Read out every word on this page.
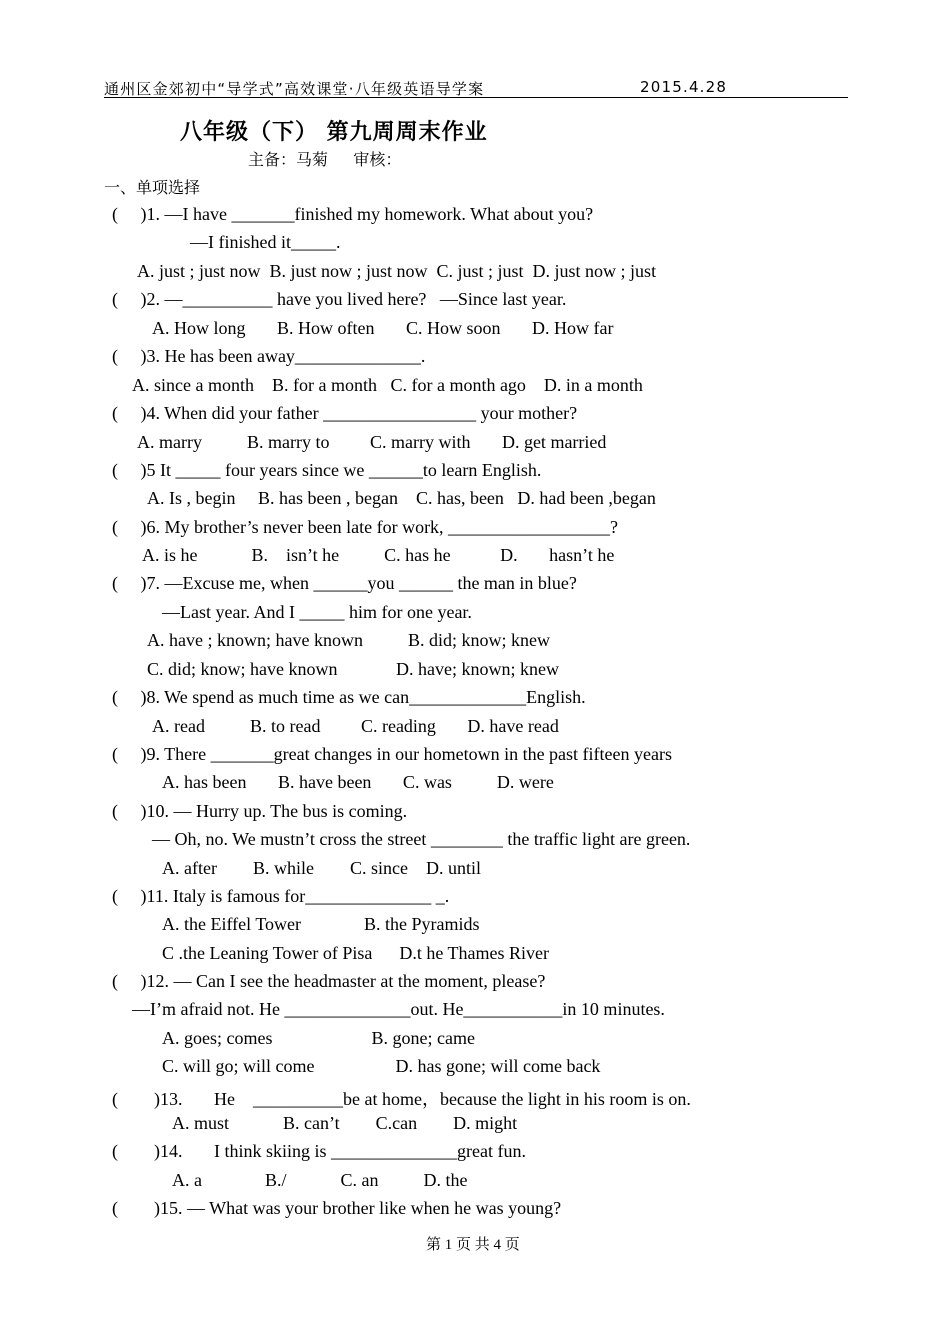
通州区金郊初中“导学式”高效课堂·八年级英语导学案	2015.4.28
八年级（下） 第九周周末作业
主备：马菊     审核：
一、单项选择
(     )1. —I have _______finished my homework. What about you?
—I finished it_____.
A. just ; just now  B. just now ; just now  C. just ; just  D. just now ; just
(     )2. —__________ have you lived here?   —Since last year.
A. How long       B. How often       C. How soon       D. How far
(     )3. He has been away______________.
A. since a month    B. for a month   C. for a month ago    D. in a month
(     )4. When did your father _________________ your mother?
A. marry          B. marry to         C. marry with       D. get married
(     )5 It _____ four years since we ______to learn English.
A. Is , begin     B. has been , began    C. has, been   D. had been ,began
(     )6. My brother’s never been late for work, __________________?
A. is he            B.    isn’t he          C. has he           D.       hasn’t he
(     )7. —Excuse me, when ______you ______ the man in blue?
—Last year. And I _____ him for one year.
A. have ; known; have known          B. did; know; knew
C. did; know; have known             D. have; known; knew
(     )8. We spend as much time as we can_____________English.
A. read          B. to read         C. reading       D. have read
(     )9. There _______great changes in our hometown in the past fifteen years
A. has been       B. have been       C. was          D. were
(     )10. — Hurry up. The bus is coming.
— Oh, no. We mustn’t cross the street ________ the traffic light are green.
A. after        B. while        C. since    D. until
(     )11. Italy is famous for______________ _.
A. the Eiffel Tower              B. the Pyramids
C .the Leaning Tower of Pisa      D.t he Thames River
(     )12. — Can I see the headmaster at the moment, please?
—I’m afraid not. He ______________out. He___________in 10 minutes.
A. goes; comes                      B. gone; came
C. will go; will come                  D. has gone; will come back
(        )13.       He    __________be at home，because the light in his room is on.
A. must            B. can’t        C.can        D. might
(        )14.       I think skiing is ______________great fun.
A. a              B./            C. an          D. the
(        )15. — What was your brother like when he was young?
第 1 页 共 4 页
